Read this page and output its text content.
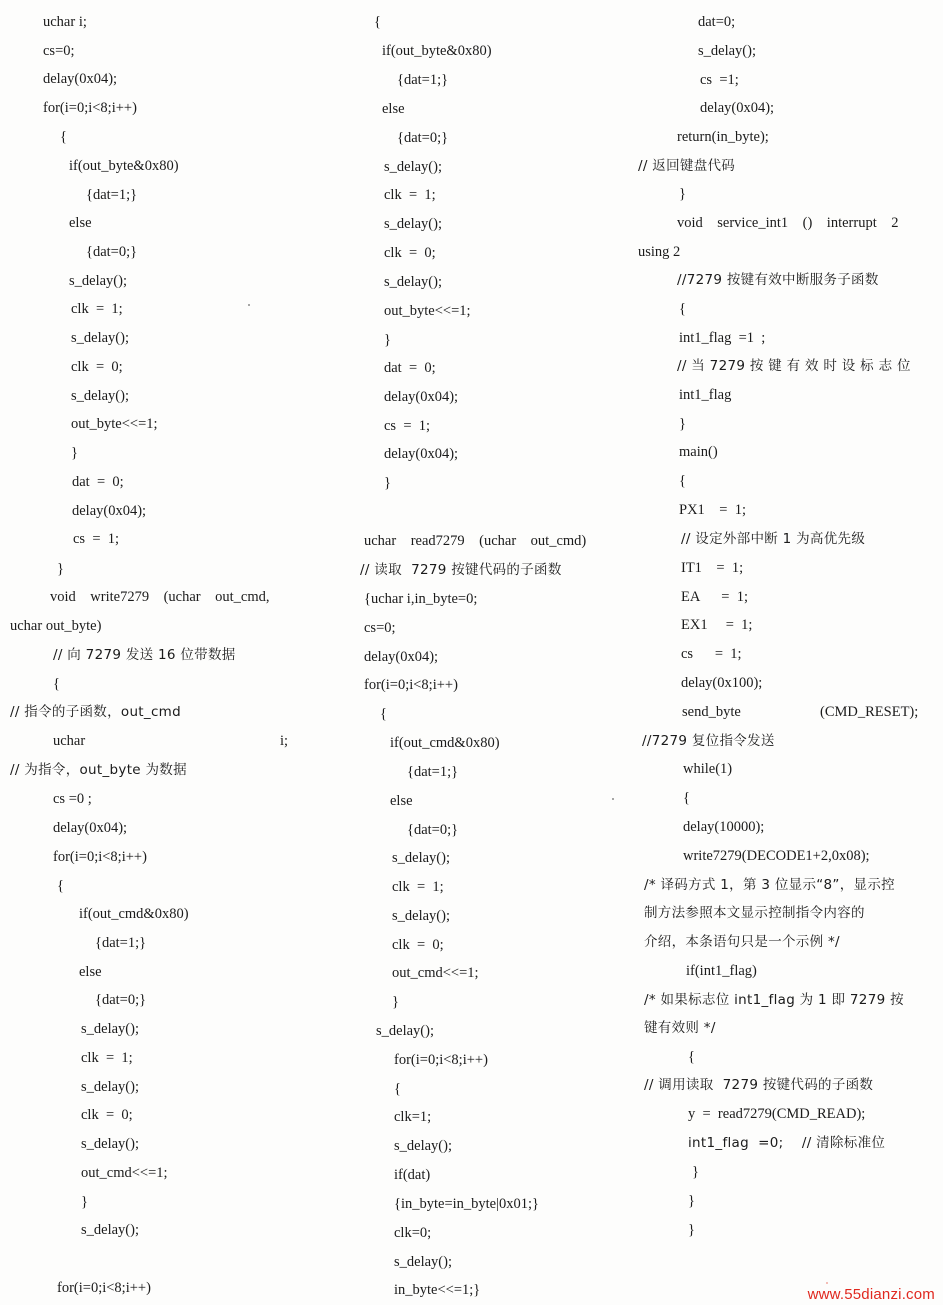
uchar i;
cs=0;
delay(0x04);
for(i=0;i<8;i++)
{
if(out_byte&0x80)
{dat=1;}
else
{dat=0;}
s_delay();
clk  =  1;
s_delay();
clk  =  0;
s_delay();
out_byte<<=1;
}
dat  =  0;
delay(0x04);
cs  =  1;
}
void    write7279    (uchar    out_cmd,
uchar out_byte)
// 向 7279 发送 16 位带数据
{
// 指令的子函数，out_cmd
uchar	i;
// 为指令，out_byte 为数据
cs =0 ;
delay(0x04);
for(i=0;i<8;i++)
{
if(out_cmd&0x80)
{dat=1;}
else
{dat=0;}
s_delay();
clk  =  1;
s_delay();
clk  =  0;
s_delay();
out_cmd<<=1;
}
s_delay();
for(i=0;i<8;i++)
{
if(out_byte&0x80)
{dat=1;}
else
{dat=0;}
s_delay();
clk  =  1;
s_delay();
clk  =  0;
s_delay();
out_byte<<=1;
}
dat  =  0;
delay(0x04);
cs  =  1;
delay(0x04);
}
uchar    read7279    (uchar    out_cmd)
// 读取  7279 按键代码的子函数
{uchar i,in_byte=0;
cs=0;
delay(0x04);
for(i=0;i<8;i++)
{
if(out_cmd&0x80)
{dat=1;}
else
{dat=0;}
s_delay();
clk  =  1;
s_delay();
clk  =  0;
out_cmd<<=1;
}
s_delay();
for(i=0;i<8;i++)
{
clk=1;
s_delay();
if(dat)
{in_byte=in_byte|0x01;}
clk=0;
s_delay();
in_byte<<=1;}
dat=0;
s_delay();
cs  =1;
delay(0x04);
return(in_byte);
// 返回键盘代码
}
void    service_int1    ()    interrupt    2
using 2
//7279 按键有效中断服务子函数
{
int1_flag  =1  ;
// 当 7279 按 键 有 效 时 设 标 志 位
int1_flag
}
main()
{
PX1    =  1;
// 设定外部中断 1 为高优先级
IT1    =  1;
EA      =  1;
EX1     =  1;
cs      =  1;
delay(0x100);
send_byte	(CMD_RESET);
//7279 复位指令发送
while(1)
{
delay(10000);
write7279(DECODE1+2,0x08);
/* 译码方式 1，第 3 位显示“8”，显示控
制方法参照本文显示控制指令内容的
介绍，本条语句只是一个示例 */
if(int1_flag)
/* 如果标志位 int1_flag 为 1 即 7279 按
键有效则 */
{
// 调用读取  7279 按键代码的子函数
y  =  read7279(CMD_READ);
int1_flag  =0;    // 清除标准位
}
}
}
www.55dianzi.com
